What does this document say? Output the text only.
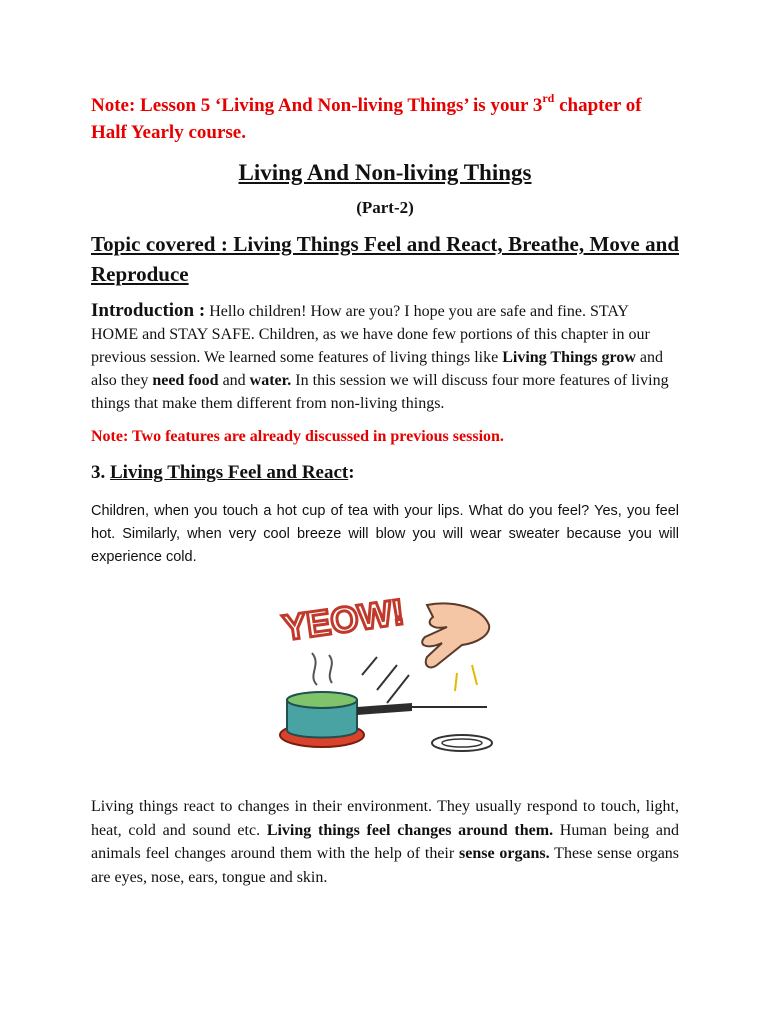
Note: Lesson 5 ‘Living And Non-living Things’ is your 3rd chapter of Half Yearly course.

Living And Non-living Things
(Part-2)
Topic covered : Living Things Feel and React, Breathe, Move and Reproduce

Introduction : Hello children! How are you? I hope you are safe and fine. STAY HOME and STAY SAFE. Children, as we have done few portions of this chapter in our previous session. We learned some features of living things like Living Things grow and also they need food and water. In this session we will discuss four more features of living things that make them different from non-living things.

Note: Two features are already discussed in previous session.

3. Living Things Feel and React:

Children, when you touch a hot cup of tea with your lips. What do you feel? Yes, you feel hot. Similarly, when very cool breeze will blow you will wear sweater because you will experience cold.

YEOW!

Living things react to changes in their environment. They usually respond to touch, light, heat, cold and sound etc. Living things feel changes around them. Human being and animals feel changes around them with the help of their sense organs. These sense organs are eyes, nose, ears, tongue and skin.
